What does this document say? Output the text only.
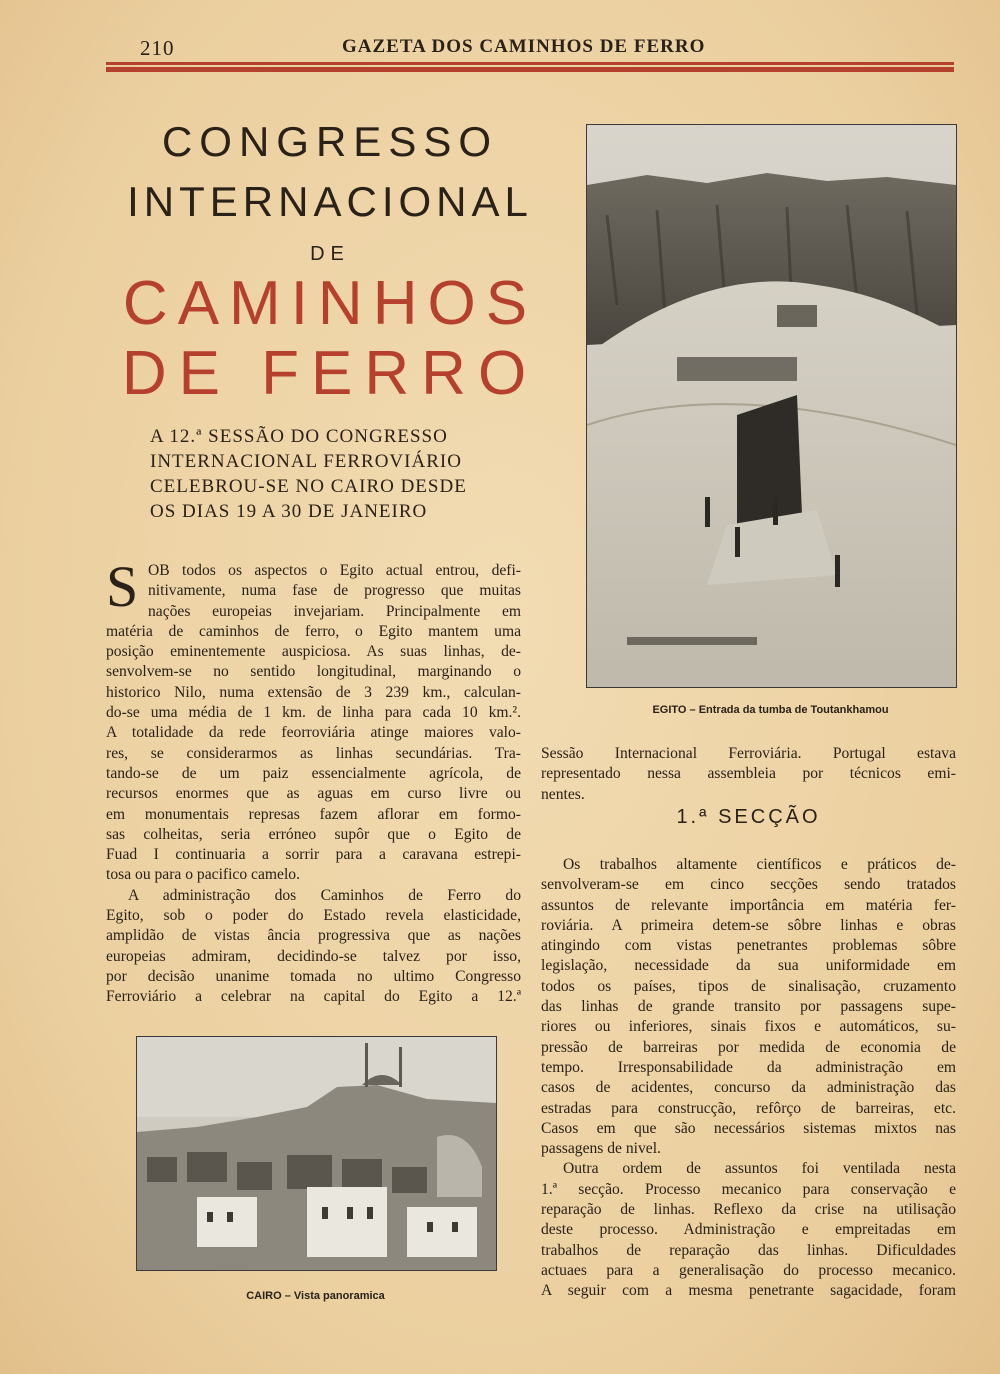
210	GAZETA DOS CAMINHOS DE FERRO
CONGRESSO
INTERNACIONAL
DE
CAMINHOS
DE FERRO
A 12.ª SESSÃO DO CONGRESSO
INTERNACIONAL FERROVIÁRIO
CELEBROU-SE NO CAIRO DESDE
OS DIAS 19 A 30 DE JANEIRO
S OB todos os aspectos o Egito actual entrou, defi-
nitivamente, numa fase de progresso que muitas
nações europeias invejariam. Principalmente em
matéria de caminhos de ferro, o Egito mantem uma
posição eminentemente auspiciosa. As suas linhas, de-
senvolvem-se no sentido longitudinal, marginando o
historico Nilo, numa extensão de 3 239 km., calculan-
do-se uma média de 1 km. de linha para cada 10 km.².
A totalidade da rede feorroviária atinge maiores valo-
res, se considerarmos as linhas secundárias. Tra-
tando-se de um paiz essencialmente agrícola, de
recursos enormes que as aguas em curso livre ou
em monumentais represas fazem aflorar em formo-
sas colheitas, seria erróneo supôr que o Egito de
Fuad I continuaria a sorrir para a caravana estrepi-
tosa ou para o pacifico camelo.
A administração dos Caminhos de Ferro do
Egito, sob o poder do Estado revela elasticidade,
amplidão de vistas ância progressiva que as nações
europeias admiram, decidindo-se talvez por isso,
por decisão unanime tomada no ultimo Congresso
Ferroviário a celebrar na capital do Egito a 12.ª
EGITO – Entrada da tumba de Toutankhamou
Sessão Internacional Ferroviária. Portugal estava
representado nessa assembleia por técnicos emi-
nentes.
1.ª SECÇÃO
Os trabalhos altamente científicos e práticos de-
senvolveram-se em cinco secções sendo tratados
assuntos de relevante importância em matéria fer-
roviária. A primeira detem-se sôbre linhas e obras
atingindo com vistas penetrantes problemas sôbre
legislação, necessidade da sua uniformidade em
todos os países, tipos de sinalisação, cruzamento
das linhas de grande transito por passagens supe-
riores ou inferiores, sinais fixos e automáticos, su-
pressão de barreiras por medida de economia de
tempo. Irresponsabilidade da administração em
casos de acidentes, concurso da administração das
estradas para construcção, refôrço de barreiras, etc.
Casos em que são necessários sistemas mixtos nas
passagens de nivel.
Outra ordem de assuntos foi ventilada nesta
1.ª secção. Processo mecanico para conservação e
reparação de linhas. Reflexo da crise na utilisação
deste processo. Administração e empreitadas em
trabalhos de reparação das linhas. Dificuldades
actuaes para a generalisação do processo mecanico.
A seguir com a mesma penetrante sagacidade, foram
CAIRO – Vista panoramica
